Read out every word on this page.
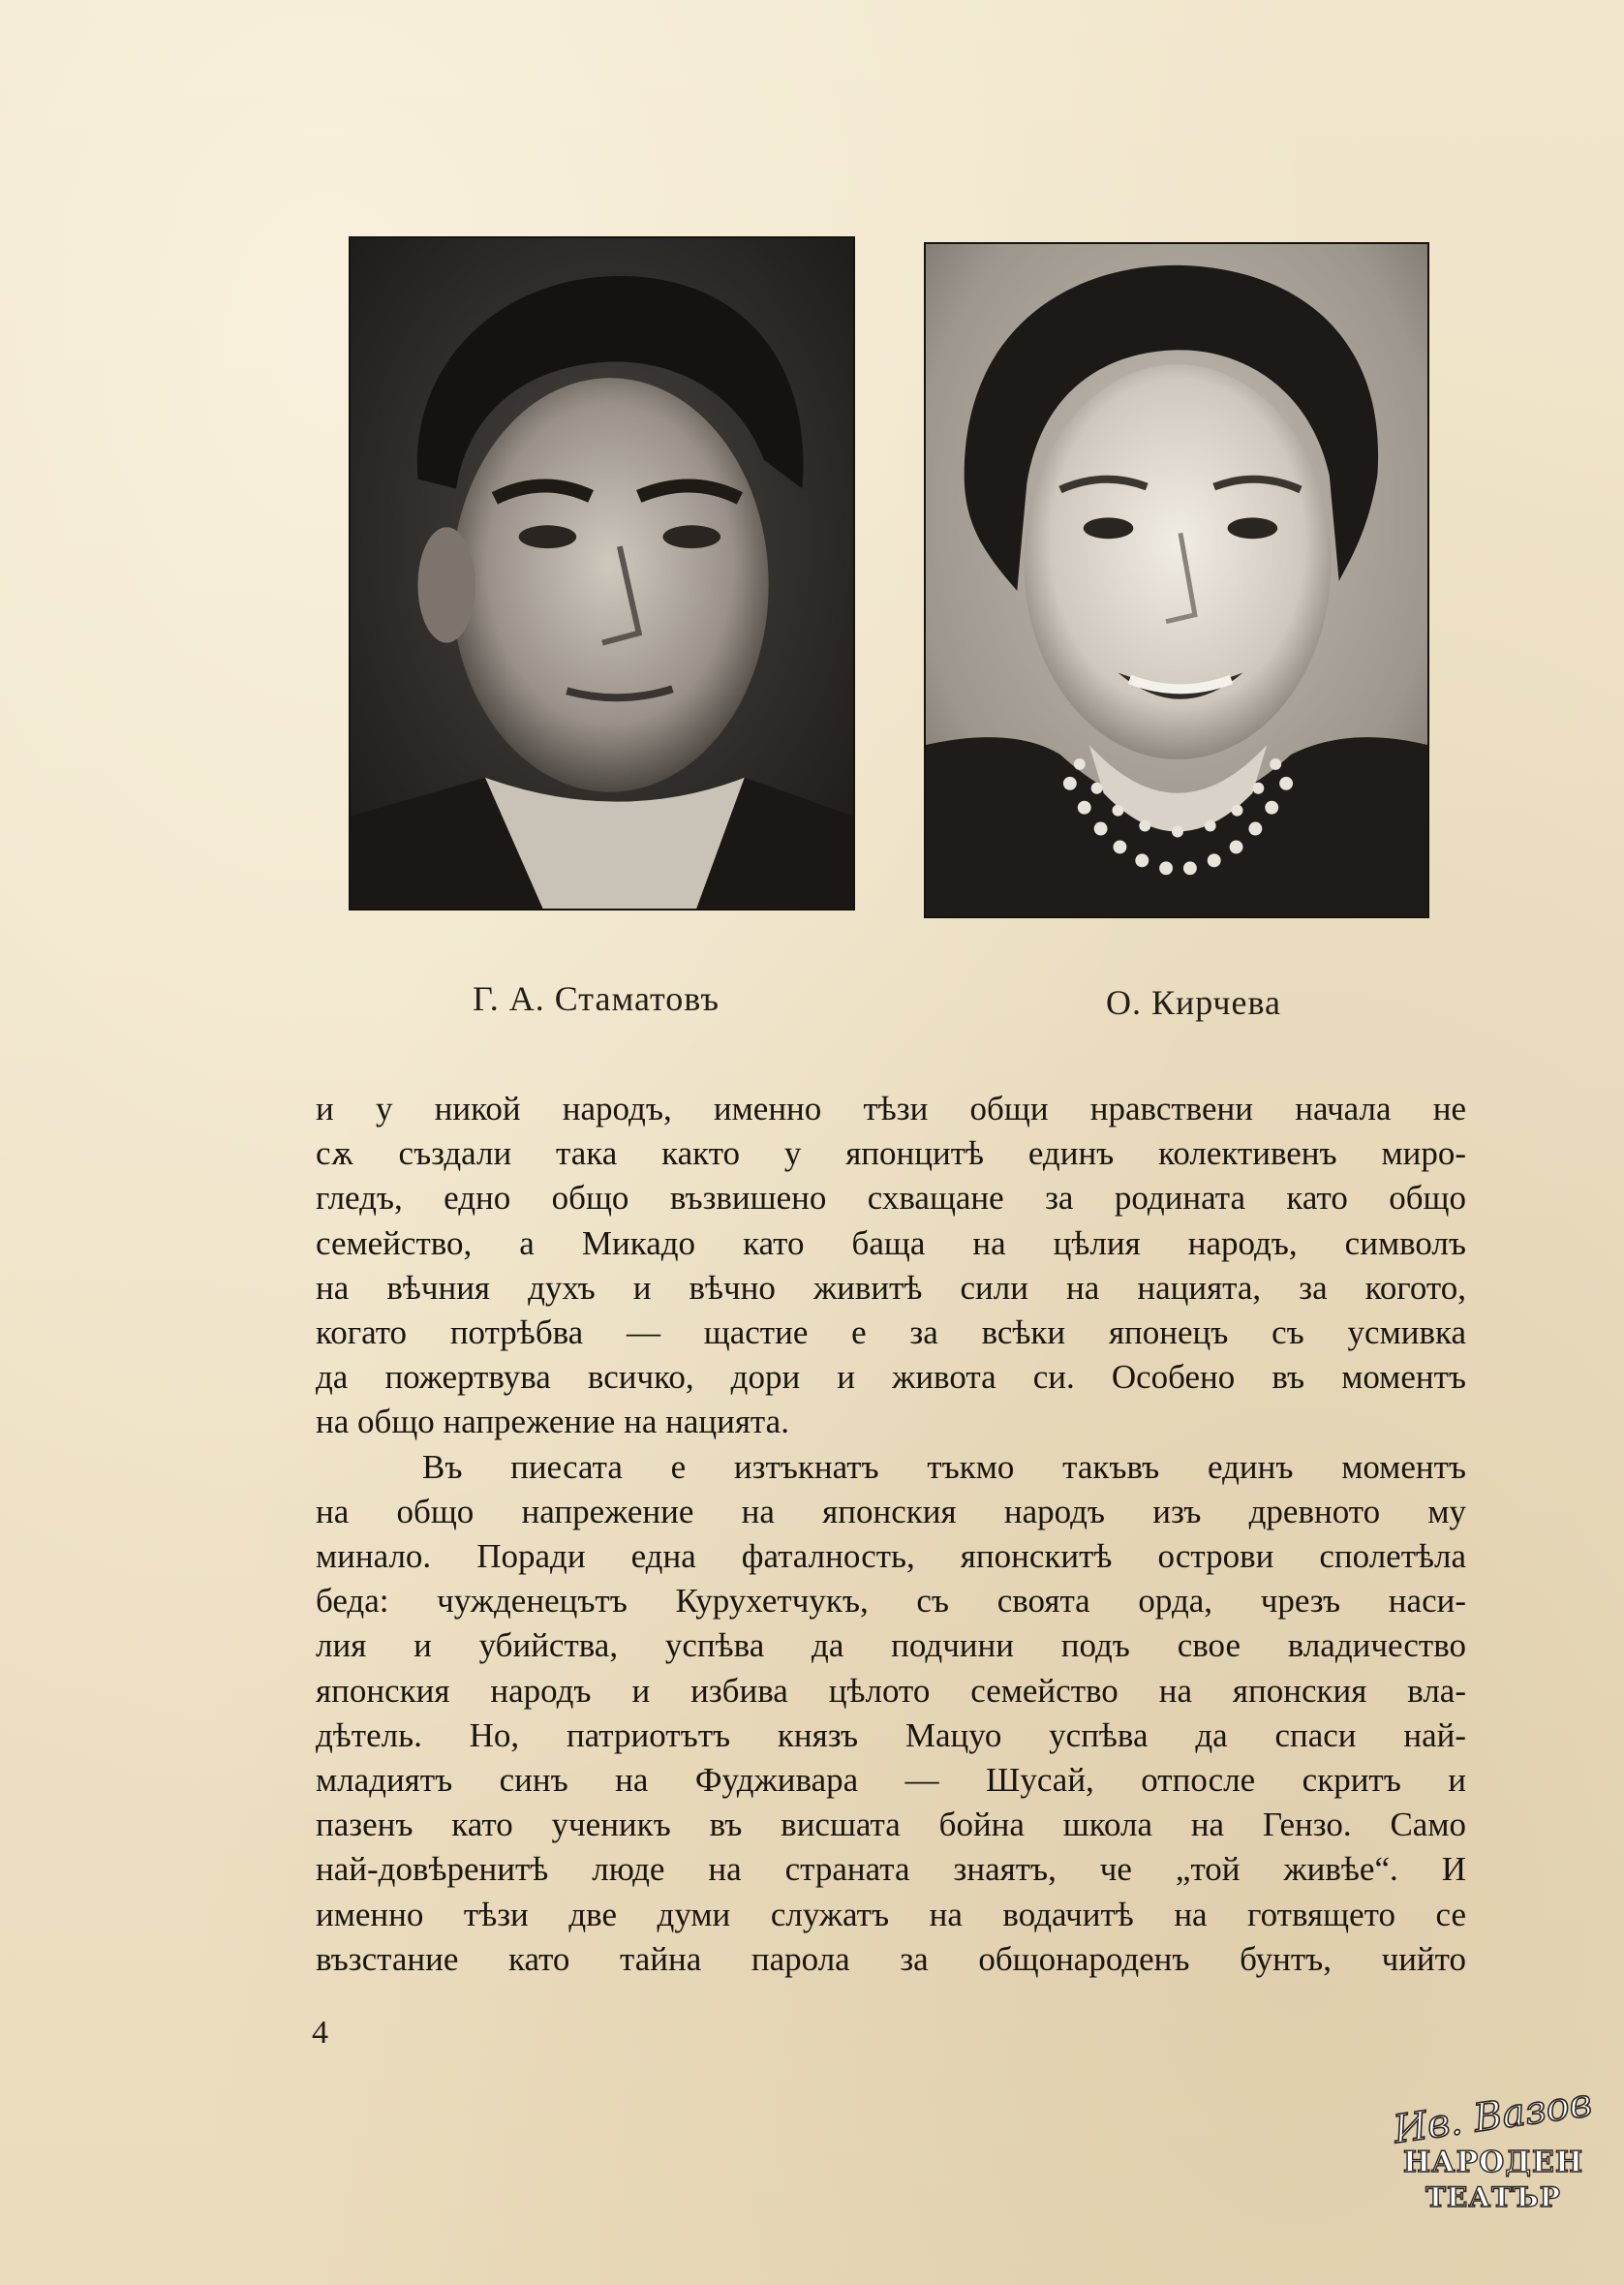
Г. А. Стаматовъ	О. Кирчева

и у никой народъ, именно тѣзи общи нравствени начала не

сѫ създали така както у японцитѣ единъ колективенъ миро-

гледъ, едно общо възвишено схващане за родината като общо

семейство, а Микадо като баща на цѣлия народъ, символъ

на вѣчния духъ и вѣчно живитѣ сили на нацията, за когото,

когато потрѣбва — щастие е за всѣки японецъ съ усмивка

да пожертвува всичко, дори и живота си. Особено въ моментъ

на общо напрежение на нацията.

Въ пиесата е изтъкнатъ тъкмо такъвъ единъ моментъ

на общо напрежение на японския народъ изъ древното му

минало. Поради една фаталность, японскитѣ острови сполетѣла

беда: чужденецътъ Курухетчукъ, съ своята орда, чрезъ наси-

лия и убийства, успѣва да подчини подъ свое владичество

японския народъ и избива цѣлото семейство на японския вла-

дѣтель. Но, патриотътъ князъ Мацуо успѣва да спаси най-

младиятъ синъ на Фудживара — Шусай, отпосле скритъ и

пазенъ като ученикъ въ висшата бойна школа на Гензо. Само

най-довѣренитѣ люде на страната знаятъ, че „той живѣе“. И

именно тѣзи две думи служатъ на водачитѣ на готвящето се

възстание като тайна парола за общонароденъ бунтъ, чийто

4
Ив. Вазов
НАРОДЕН
ТЕАТЪР
